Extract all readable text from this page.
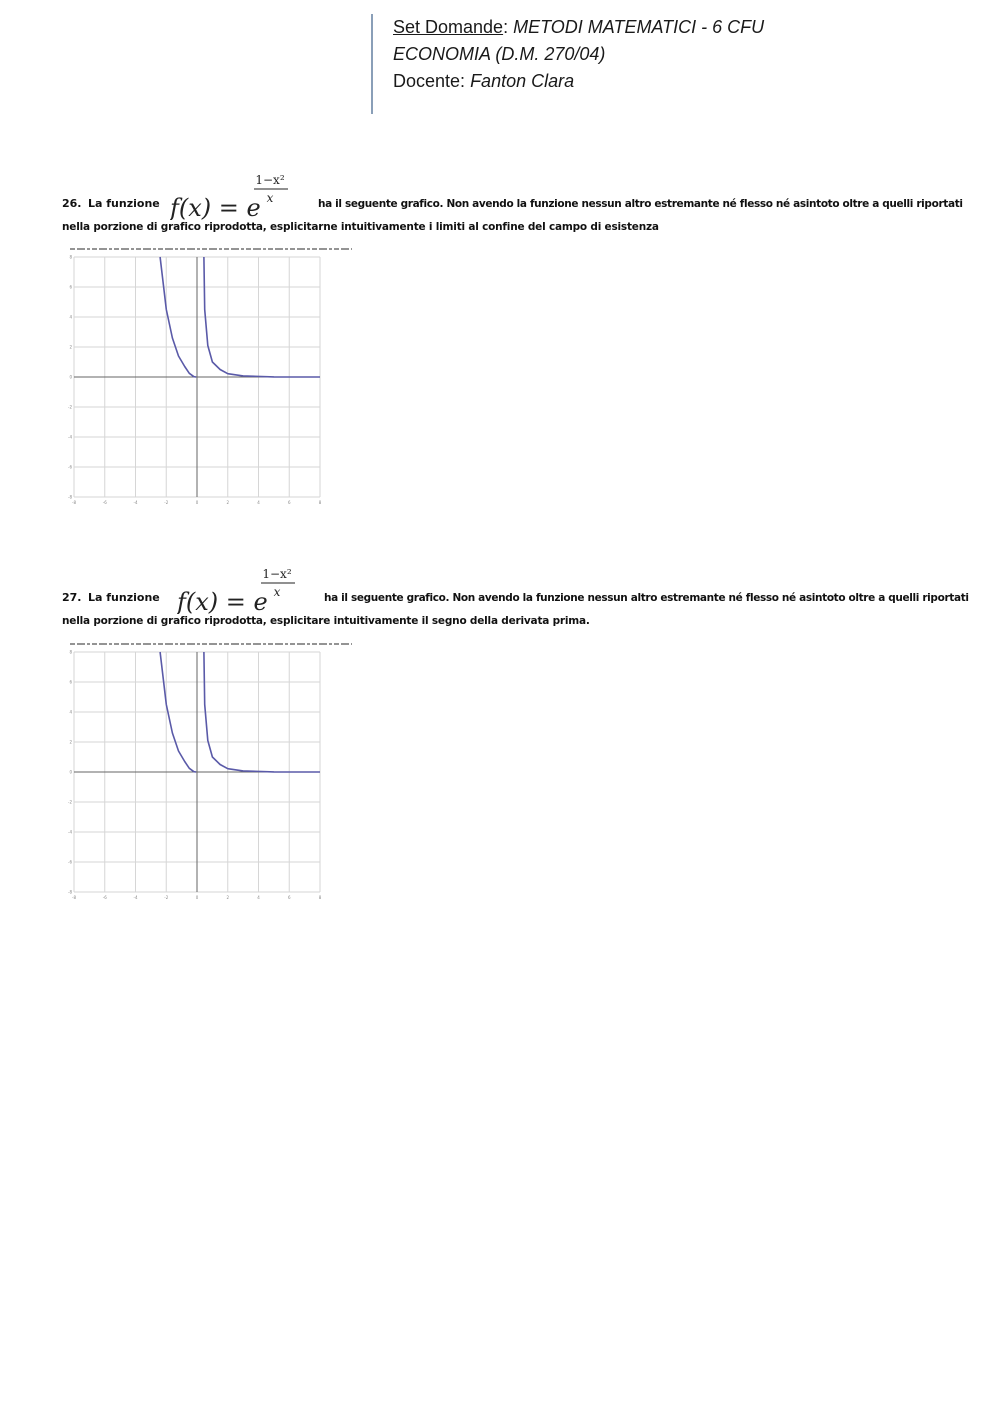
Set Domande: METODI MATEMATICI - 6 CFU
ECONOMIA (D.M. 270/04)
Docente: Fanton Clara
26. La funzione f(x) = e
1−x²
x	ha il seguente grafico. Non avendo la funzione nessun altro estremante né flesso né asintoto oltre a quelli riportati
nella porzione di grafico riprodotta, esplicitarne intuitivamente i limiti al confine del campo di esistenza
-8	-6	-4	-2	0	2	4	6	8
-8
-6
-4
-2
0
2
4
6
8
27. La funzione f(x) = e
1−x²
x	ha il seguente grafico. Non avendo la funzione nessun altro estremante né flesso né asintoto oltre a quelli riportati
nella porzione di grafico riprodotta, esplicitare intuitivamente il segno della derivata prima.
-8	-6	-4	-2	0	2	4	6	8
-8
-6
-4
-2
0
2
4
6
8
